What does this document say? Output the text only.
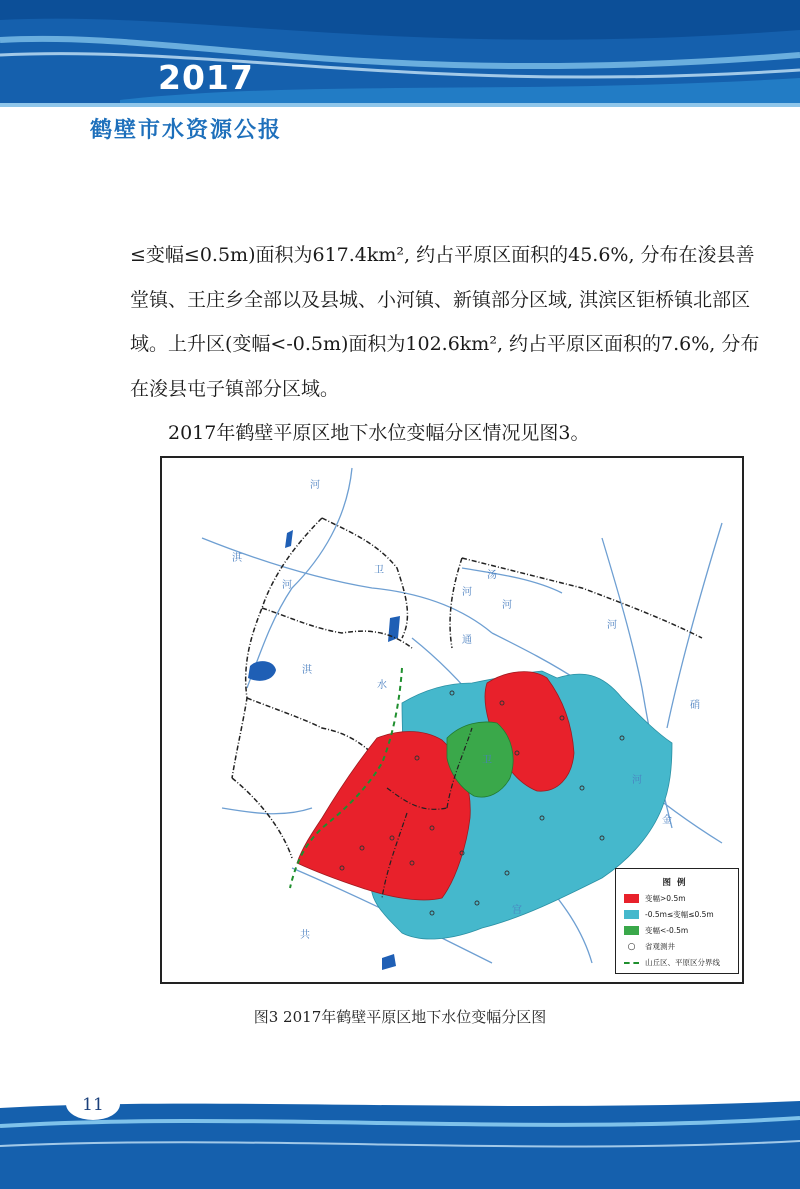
2017
鹤壁市水资源公报

≤变幅≤0.5m)面积为617.4km², 约占平原区面积的45.6%, 分布在浚县善堂镇、王庄乡全部以及县城、小河镇、新镇部分区域, 淇滨区钜桥镇北部区域。上升区(变幅<-0.5m)面积为102.6km², 约占平原区面积的7.6%, 分布在浚县屯子镇部分区域。

2017年鹤壁平原区地下水位变幅分区情况见图3。

河
淇
河
卫
河
汤
河
河
淇
水
通
卫
河
共
宫
硝
金
图例
变幅>0.5m
-0.5m≤变幅≤0.5m
变幅<-0.5m
○	省观测井
山丘区、平原区分界线
图3 2017年鹤壁平原区地下水位变幅分区图
11
